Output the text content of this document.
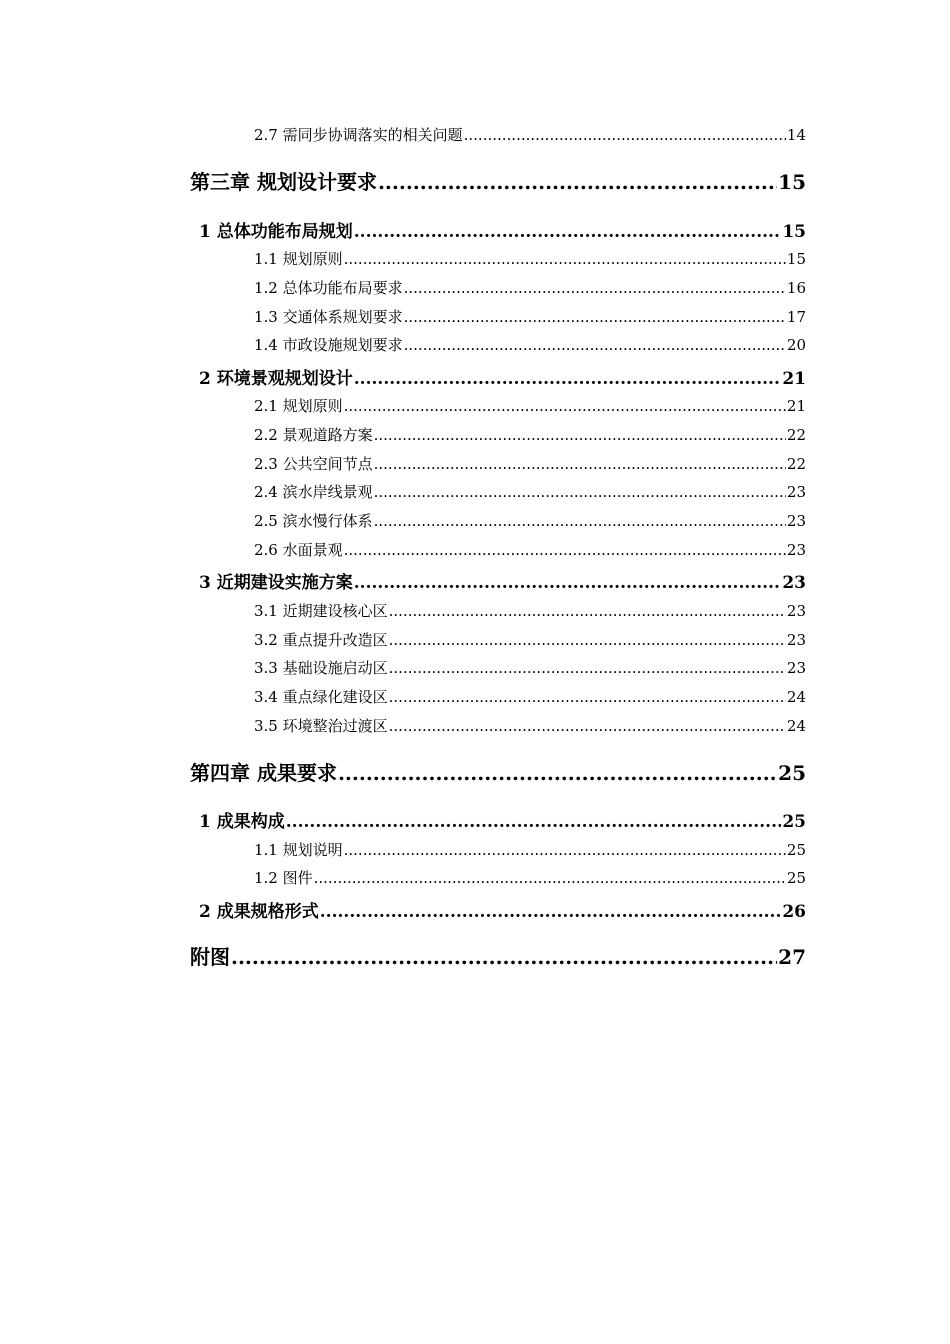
2.7 需同步协调落实的相关问题 .....	14
第三章 规划设计要求 .....	15
1 总体功能布局规划 .....	15
1.1 规划原则 .....	15
1.2 总体功能布局要求 .....	16
1.3 交通体系规划要求 .....	17
1.4 市政设施规划要求 .....	20
2 环境景观规划设计 .....	21
2.1 规划原则 .....	21
2.2 景观道路方案 .....	22
2.3 公共空间节点 .....	22
2.4 滨水岸线景观 .....	23
2.5 滨水慢行体系 .....	23
2.6 水面景观 .....	23
3 近期建设实施方案 .....	23
3.1 近期建设核心区 .....	23
3.2 重点提升改造区 .....	23
3.3 基础设施启动区 .....	23
3.4 重点绿化建设区 .....	24
3.5 环境整治过渡区 .....	24
第四章 成果要求 .....	25
1 成果构成 .....	25
1.1 规划说明 .....	25
1.2 图件 .....	25
2 成果规格形式 .....	26
附图 .....	27
